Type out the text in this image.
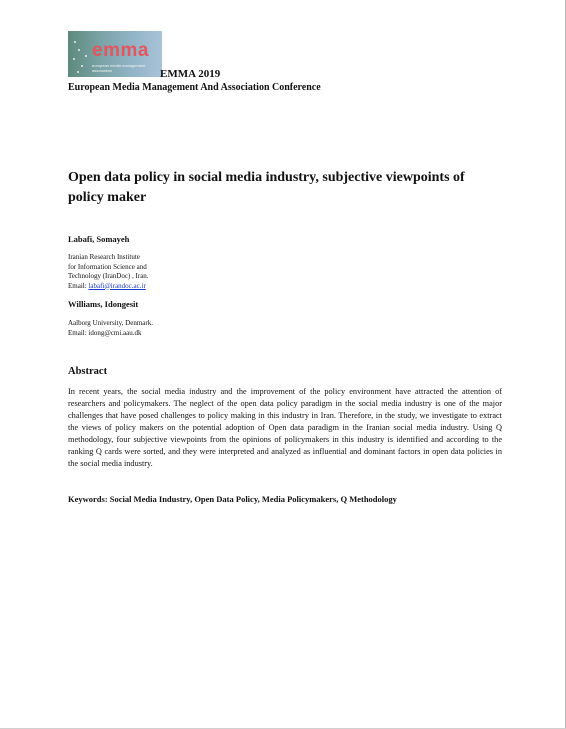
emma
european media management association	EMMA 2019

European Media Management And Association Conference

Open data policy in social media industry, subjective viewpoints of policy maker

Labafi, Somayeh

Iranian Research Institute
for Information Science and
Technology (IranDoc) , Iran.
Email: labafi@irandoc.ac.ir

Williams, Idongesit

Aalborg University, Denmark.
Email: idong@cmi.aau.dk
Abstract

In recent years, the social media industry and the improvement of the policy environment have attracted the attention of researchers and policymakers. The neglect of the open data policy paradigm in the social media industry is one of the major challenges that have posed challenges to policy making in this industry in Iran. Therefore, in the study, we investigate to extract the views of policy makers on the potential adoption of Open data paradigm in the Iranian social media industry. Using Q methodology, four subjective viewpoints from the opinions of policymakers in this industry is identified and according to the ranking Q cards were sorted, and they were interpreted and analyzed as influential and dominant factors in open data policies in the social media industry.

Keywords: Social Media Industry, Open Data Policy, Media Policymakers, Q Methodology
